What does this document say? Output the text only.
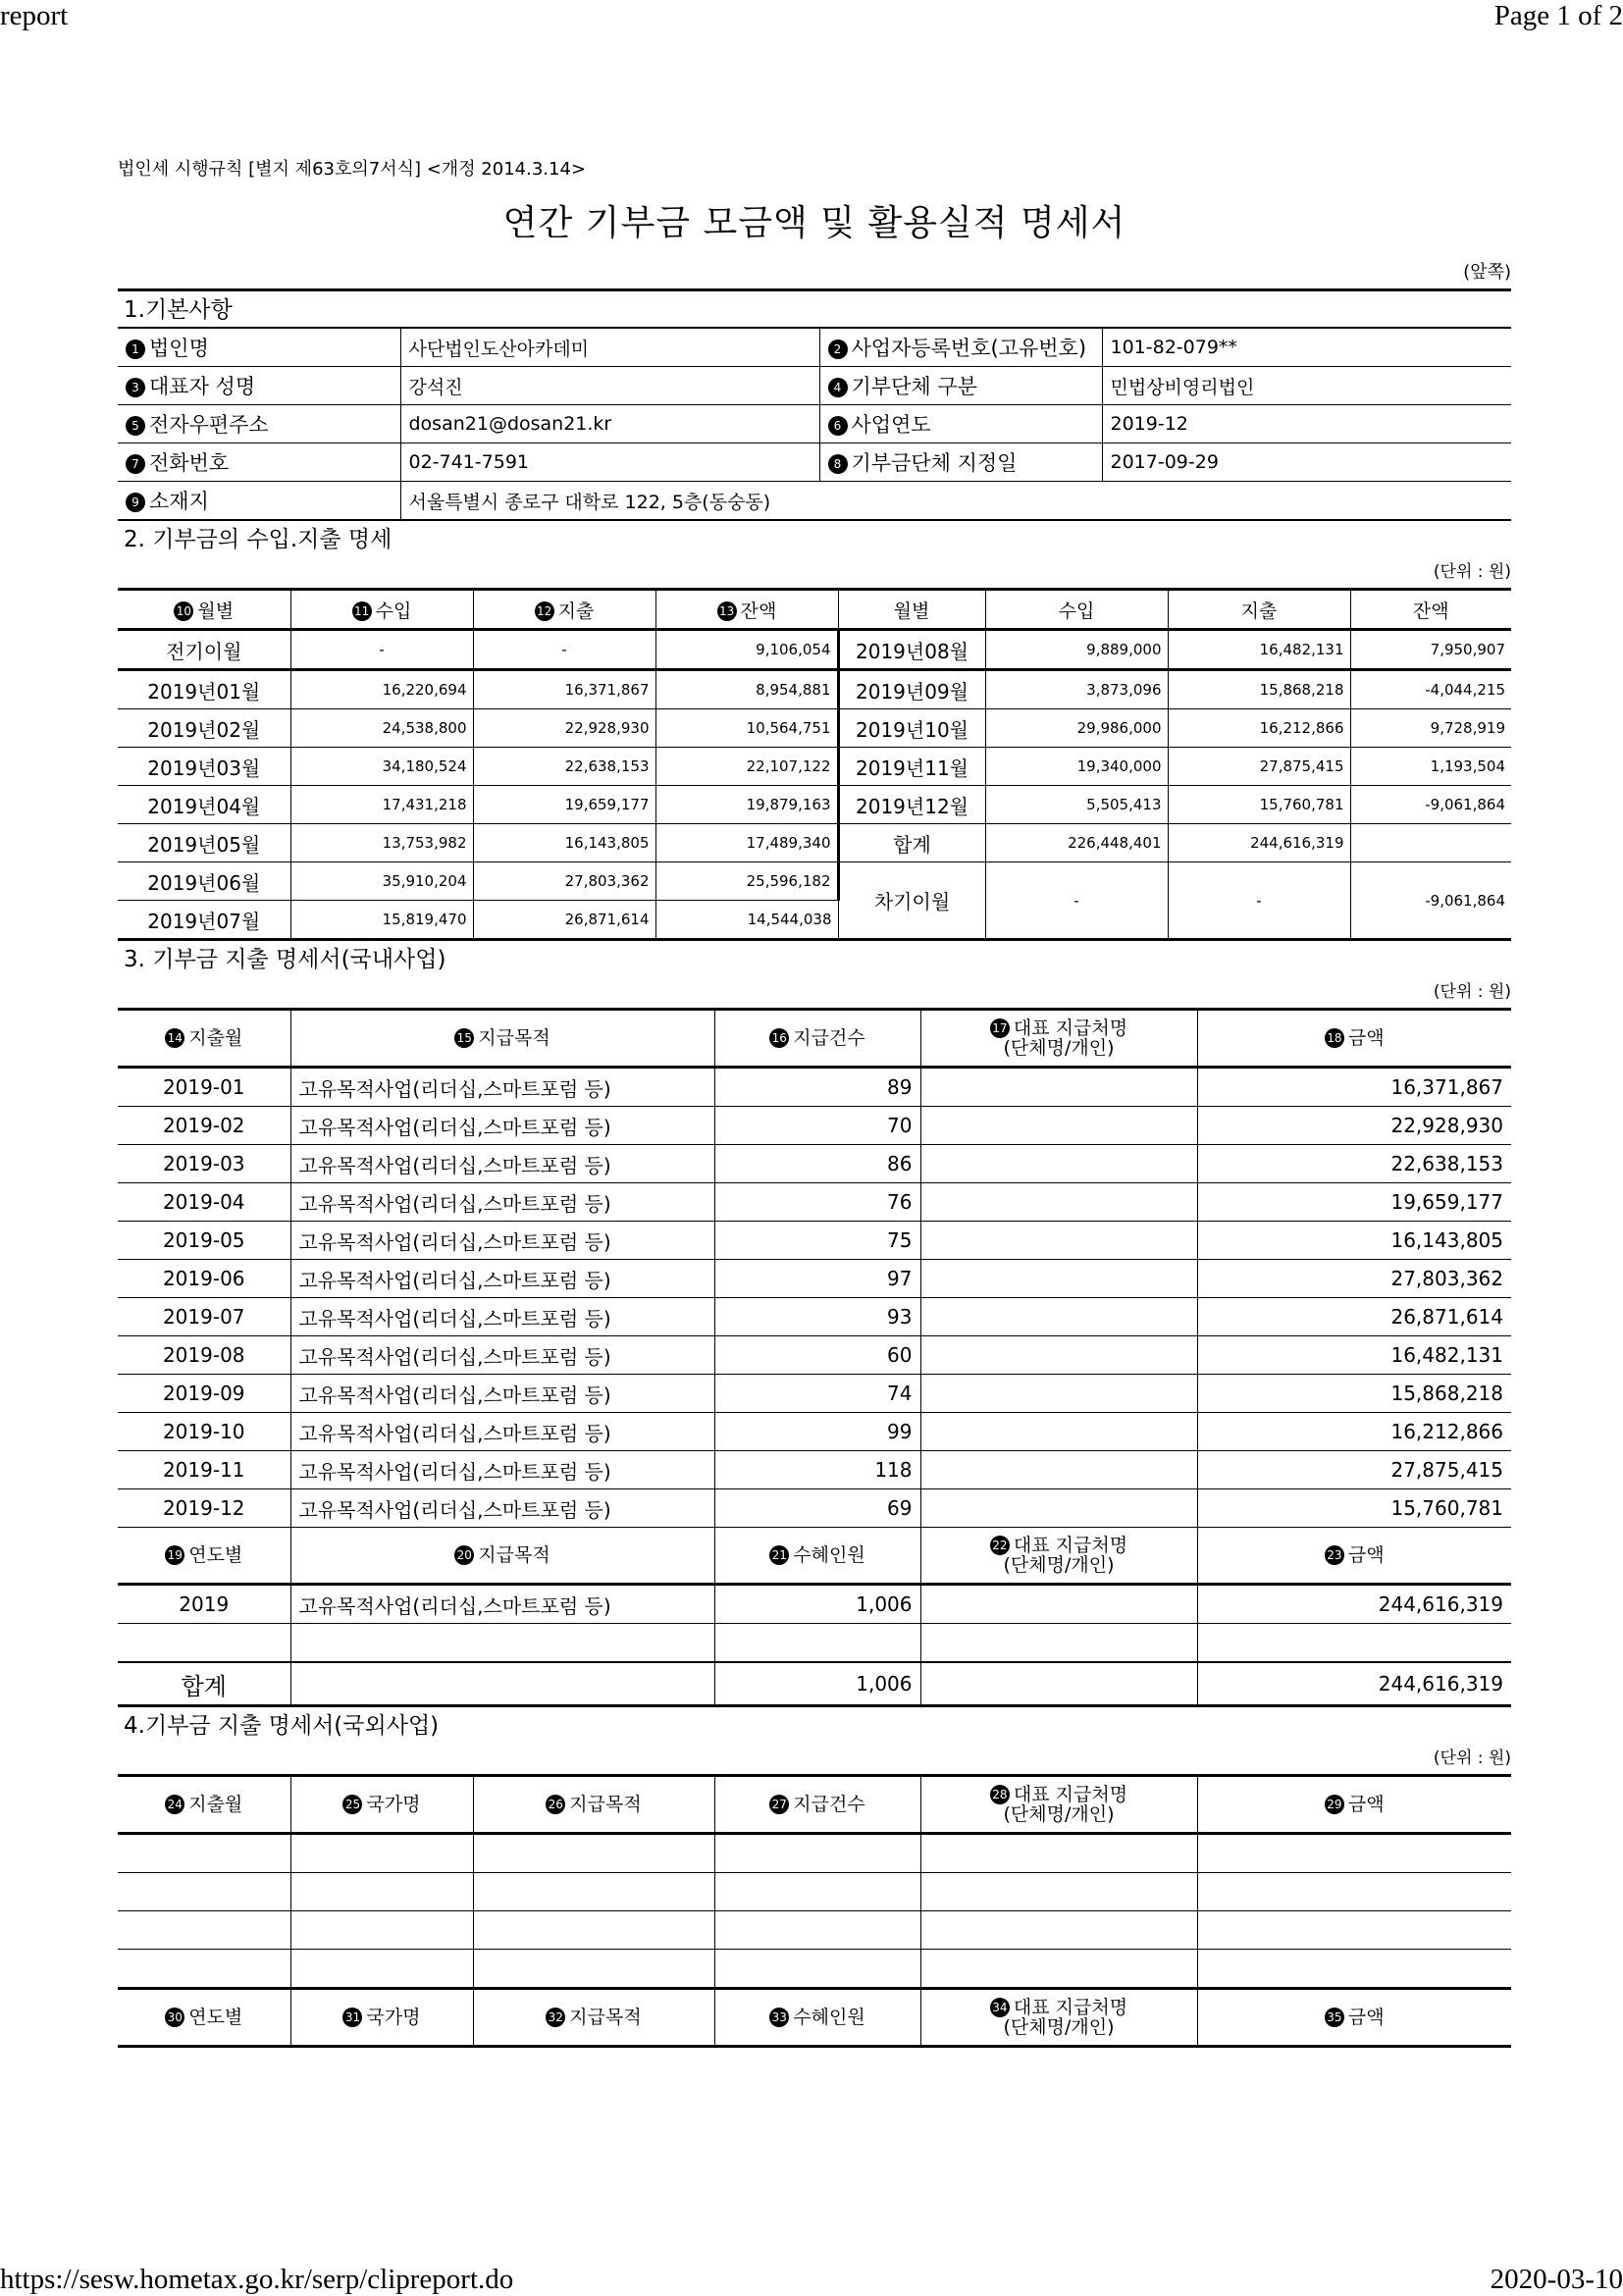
report	Page 1 of 2
법인세 시행규칙 [별지 제63호의7서식] <개정 2014.3.14>
연간 기부금 모금액 및 활용실적 명세서
(앞쪽)
1.기본사항
1 법인명	사단법인도산아카데미	2 사업자등록번호(고유번호)	101-82-079**
3 대표자 성명	강석진	4 기부단체 구분	민법상비영리법인
5 전자우편주소	dosan21@dosan21.kr	6 사업연도	2019-12
7 전화번호	02-741-7591	8 기부금단체 지정일	2017-09-29
9 소재지	서울특별시 종로구 대학로 122, 5층(동숭동)		
2. 기부금의 수입.지출 명세
(단위 : 원)
10 월별	11 수입	12 지출	13 잔액	월별	수입	지출	잔액
전기이월	-	-	9,106,054	2019년08월	9,889,000	16,482,131	7,950,907
2019년01월	16,220,694	16,371,867	8,954,881	2019년09월	3,873,096	15,868,218	-4,044,215
2019년02월	24,538,800	22,928,930	10,564,751	2019년10월	29,986,000	16,212,866	9,728,919
2019년03월	34,180,524	22,638,153	22,107,122	2019년11월	19,340,000	27,875,415	1,193,504
2019년04월	17,431,218	19,659,177	19,879,163	2019년12월	5,505,413	15,760,781	-9,061,864
2019년05월	13,753,982	16,143,805	17,489,340	합계	226,448,401	244,616,319	
2019년06월	35,910,204	27,803,362	25,596,182	차기이월	-	-	-9,061,864
2019년07월	15,819,470	26,871,614	14,544,038				
3. 기부금 지출 명세서(국내사업)
(단위 : 원)
14 지출월	15 지급목적	16 지급건수	17 대표 지급처명
(단체명/개인)	18 금액
2019-01	고유목적사업(리더십,스마트포럼 등)	89		16,371,867
2019-02	고유목적사업(리더십,스마트포럼 등)	70		22,928,930
2019-03	고유목적사업(리더십,스마트포럼 등)	86		22,638,153
2019-04	고유목적사업(리더십,스마트포럼 등)	76		19,659,177
2019-05	고유목적사업(리더십,스마트포럼 등)	75		16,143,805
2019-06	고유목적사업(리더십,스마트포럼 등)	97		27,803,362
2019-07	고유목적사업(리더십,스마트포럼 등)	93		26,871,614
2019-08	고유목적사업(리더십,스마트포럼 등)	60		16,482,131
2019-09	고유목적사업(리더십,스마트포럼 등)	74		15,868,218
2019-10	고유목적사업(리더십,스마트포럼 등)	99		16,212,866
2019-11	고유목적사업(리더십,스마트포럼 등)	118		27,875,415
2019-12	고유목적사업(리더십,스마트포럼 등)	69		15,760,781
19 연도별	20 지급목적	21 수혜인원	22 대표 지급처명
(단체명/개인)	23 금액
2019	고유목적사업(리더십,스마트포럼 등)	1,006		244,616,319

합계		1,006		244,616,319
4.기부금 지출 명세서(국외사업)
(단위 : 원)
24 지출월	25 국가명	26 지급목적	27 지급건수	28 대표 지급처명
(단체명/개인)	29 금액

30 연도별	31 국가명	32 지급목적	33 수혜인원	34 대표 지급처명
(단체명/개인)	35 금액
https://sesw.hometax.go.kr/serp/clipreport.do	2020-03-10
